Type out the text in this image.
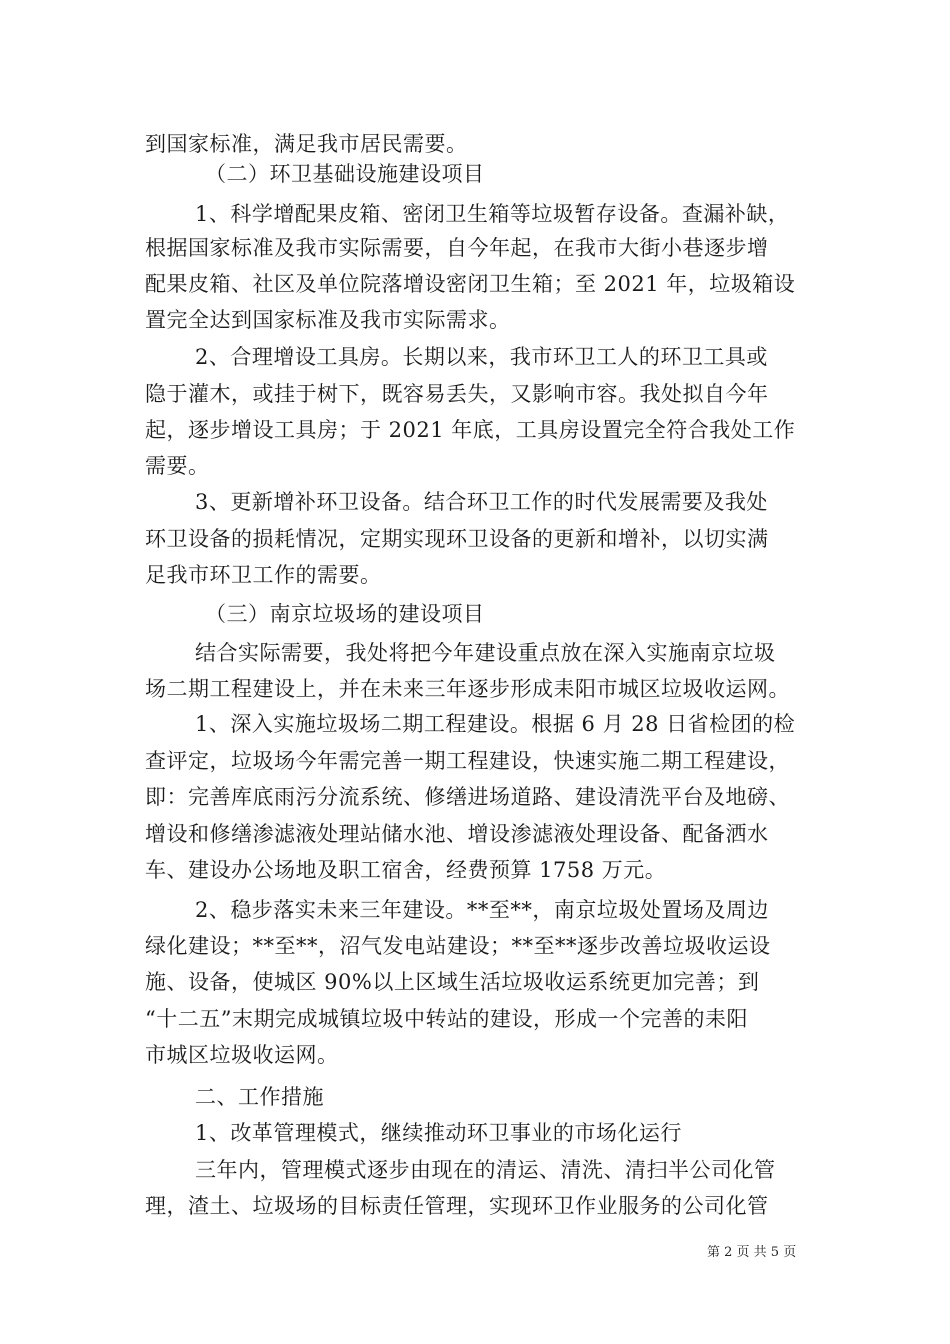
到国家标准，满足我市居民需要。
（二）环卫基础设施建设项目
1、科学增配果皮箱、密闭卫生箱等垃圾暂存设备。查漏补缺，
根据国家标准及我市实际需要，自今年起，在我市大街小巷逐步增
配果皮箱、社区及单位院落增设密闭卫生箱；至 2021 年，垃圾箱设
置完全达到国家标准及我市实际需求。
2、合理增设工具房。长期以来，我市环卫工人的环卫工具或
隐于灌木，或挂于树下，既容易丢失，又影响市容。我处拟自今年
起，逐步增设工具房；于 2021 年底，工具房设置完全符合我处工作
需要。
3、更新增补环卫设备。结合环卫工作的时代发展需要及我处
环卫设备的损耗情况，定期实现环卫设备的更新和增补，以切实满
足我市环卫工作的需要。
（三）南京垃圾场的建设项目
结合实际需要，我处将把今年建设重点放在深入实施南京垃圾
场二期工程建设上，并在未来三年逐步形成耒阳市城区垃圾收运网。
1、深入实施垃圾场二期工程建设。根据 6 月 28 日省检团的检
查评定，垃圾场今年需完善一期工程建设，快速实施二期工程建设，
即：完善库底雨污分流系统、修缮进场道路、建设清洗平台及地磅、
增设和修缮渗滤液处理站储水池、增设渗滤液处理设备、配备洒水
车、建设办公场地及职工宿舍，经费预算 1758 万元。
2、稳步落实未来三年建设。**至**，南京垃圾处置场及周边
绿化建设；**至**，沼气发电站建设；**至**逐步改善垃圾收运设
施、设备，使城区 90%以上区域生活垃圾收运系统更加完善；到
“十二五”末期完成城镇垃圾中转站的建设，形成一个完善的耒阳
市城区垃圾收运网。
二、工作措施
1、改革管理模式，继续推动环卫事业的市场化运行
三年内，管理模式逐步由现在的清运、清洗、清扫半公司化管
理，渣土、垃圾场的目标责任管理，实现环卫作业服务的公司化管
第 2 页 共 5 页
